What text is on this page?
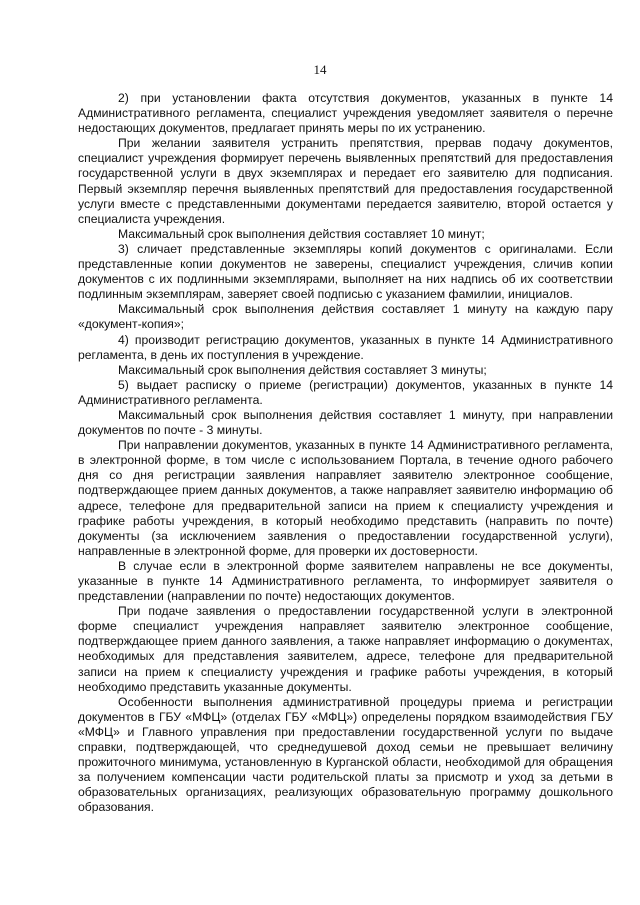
14

2) при установлении факта отсутствия документов, указанных в пункте 14 Административного регламента, специалист учреждения уведомляет заявителя о перечне недостающих документов, предлагает принять меры по их устранению.

При желании заявителя устранить препятствия, прервав подачу документов, специалист учреждения формирует перечень выявленных препятствий для предоставления государственной услуги в двух экземплярах и передает его заявителю для подписания. Первый экземпляр перечня выявленных препятствий для предоставления государственной услуги вместе с представленными документами передается заявителю, второй остается у специалиста учреждения.

Максимальный срок выполнения действия составляет 10 минут;

3) сличает представленные экземпляры копий документов с оригиналами. Если представленные копии документов не заверены, специалист учреждения, сличив копии документов с их подлинными экземплярами, выполняет на них надпись об их соответствии подлинным экземплярам, заверяет своей подписью с указанием фамилии, инициалов.

Максимальный срок выполнения действия составляет 1 минуту на каждую пару «документ-копия»;

4) производит регистрацию документов, указанных в пункте 14 Административного регламента, в день их поступления в учреждение.

Максимальный срок выполнения действия составляет 3 минуты;

5) выдает расписку о приеме (регистрации) документов, указанных в пункте 14 Административного регламента.

Максимальный срок выполнения действия составляет 1 минуту, при направлении документов по почте - 3 минуты.

При направлении документов, указанных в пункте 14 Административного регламента, в электронной форме, в том числе с использованием Портала, в течение одного рабочего дня со дня регистрации заявления направляет заявителю электронное сообщение, подтверждающее прием данных документов, а также направляет заявителю информацию об адресе, телефоне для предварительной записи на прием к специалисту учреждения и графике работы учреждения, в который необходимо представить (направить по почте) документы (за исключением заявления о предоставлении государственной услуги), направленные в электронной форме, для проверки их достоверности.

В случае если в электронной форме заявителем направлены не все документы, указанные в пункте 14 Административного регламента, то информирует заявителя о представлении (направлении по почте) недостающих документов.

При подаче заявления о предоставлении государственной услуги в электронной форме специалист учреждения направляет заявителю электронное сообщение, подтверждающее прием данного заявления, а также направляет информацию о документах, необходимых для представления заявителем, адресе, телефоне для предварительной записи на прием к специалисту учреждения и графике работы учреждения, в который необходимо представить указанные документы.

Особенности выполнения административной процедуры приема и регистрации документов в ГБУ «МФЦ» (отделах ГБУ «МФЦ») определены порядком взаимодействия ГБУ «МФЦ» и Главного управления при предоставлении государственной услуги по выдаче справки, подтверждающей, что среднедушевой доход семьи не превышает величину прожиточного минимума, установленную в Курганской области, необходимой для обращения за получением компенсации части родительской платы за присмотр и уход за детьми в образовательных организациях, реализующих образовательную программу дошкольного образования.
